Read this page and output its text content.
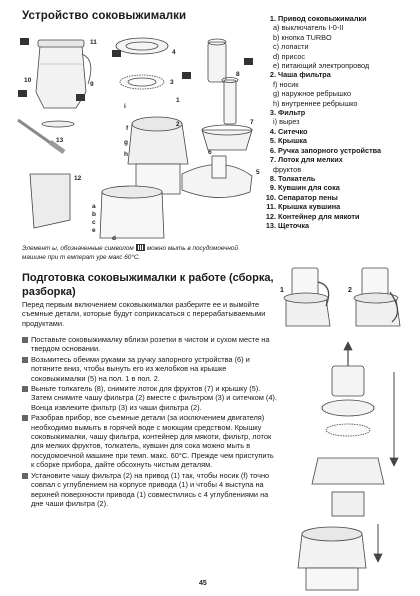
Устройство соковыжималки
11
10
9
8
4
3
2
13
1
12
5
6
7
a
b
c
d
e
f
g
h
i
1. Привод соковыжималки
a) выключатель I-0-II
b) кнопка TURBO
c) лопасти
d) присос
e) питающий электропровод
2. Чаша фильтра
f) носик
g) наружное ребрышко
h) внутреннее ребрышко
3. Фильтр
i) вырез
4. Ситечко
5. Крышка
6. Ручка запорного устройства
7. Лоток для мелких
фруктов
8. Толкатель
9. Кувшин для сока
10. Сепаратор пены
11. Крышка кувшина
12. Контейнер для мякоти
13. Щеточка
Элемент ы, обозначенные символом можно мыть в посудомоечной машине при т емперат уре макс 60°С.
Подготовка соковыжималки к работе (сборка, разборка)
Перед первым включением соковыжималки разберите ее и вымойте съемные детали, которые будут соприкасаться с перерабатываемыми продуктами.
Поставьте соковыжималку вблизи розетки в чистом и сухом месте на твердом основании.
Возьмитесь обеими руками за ручку запорного устройства (6) и потяните вниз, чтобы вынуть его из желобков на крышке соковыжималки (5) на пол. 1 в пол. 2.
Выньте толкатель (8), снимите лоток для фруктов (7) и крышку (5). Затем снимите чашу фильтра (2) вместе с фильтром (3) и ситечком (4). Вонца извлеките фильтр (3) из чаши фильтра (2).
Разобрав прибор, все съемные детали (за исключением двигателя) необходимо вымыть в горячей воде с моющим средством. Крышку соковыжималки, чашу фильтра, контейнер для мякоти, фильтр, лоток для мелких фруктов, толкатель, кувшин для сока можно мыть в посудомоечной машине при темп. макс. 60°С. Прежде чем приступить к сборке прибора, дайте обсохнуть чистым деталям.
Установите чашу фильтра (2) на привод (1) так, чтобы носик (f) точно совпал с углублением на корпусе привода (1) и чтобы 4 выступа на верхней поверхности привода (1) совместились с 4 углублениями на дне чаши фильтра (2).
1	2
45
